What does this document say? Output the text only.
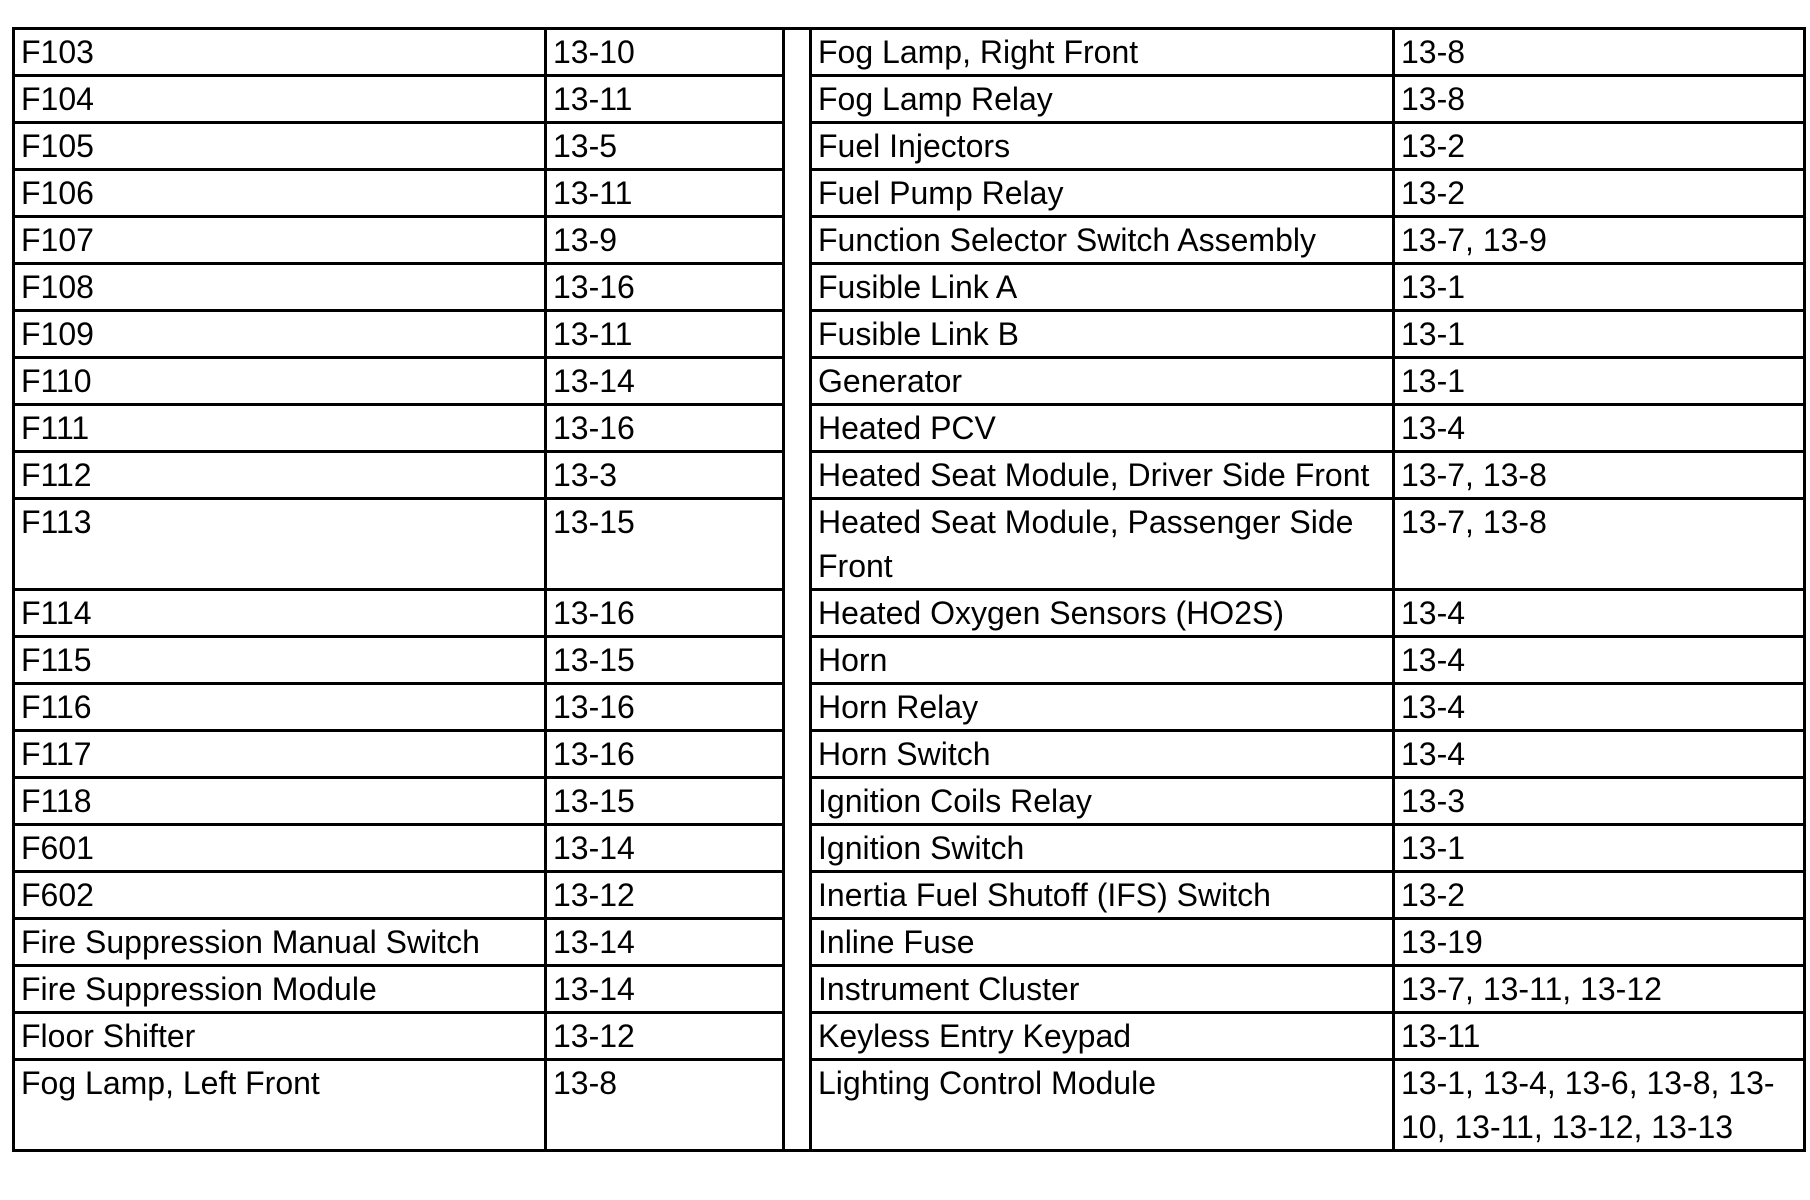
F103	13-10		Fog Lamp, Right Front	13-8
F104	13-11		Fog Lamp Relay	13-8
F105	13-5		Fuel Injectors	13-2
F106	13-11		Fuel Pump Relay	13-2
F107	13-9		Function Selector Switch Assembly	13-7, 13-9
F108	13-16		Fusible Link A	13-1
F109	13-11		Fusible Link B	13-1
F110	13-14		Generator	13-1
F111	13-16		Heated PCV	13-4
F112	13-3		Heated Seat Module, Driver Side Front	13-7, 13-8
F113	13-15		Heated Seat Module, Passenger Side Front	13-7, 13-8
F114	13-16		Heated Oxygen Sensors (HO2S)	13-4
F115	13-15		Horn	13-4
F116	13-16		Horn Relay	13-4
F117	13-16		Horn Switch	13-4
F118	13-15		Ignition Coils Relay	13-3
F601	13-14		Ignition Switch	13-1
F602	13-12		Inertia Fuel Shutoff (IFS) Switch	13-2
Fire Suppression Manual Switch	13-14		Inline Fuse	13-19
Fire Suppression Module	13-14		Instrument Cluster	13-7, 13-11, 13-12
Floor Shifter	13-12		Keyless Entry Keypad	13-11
Fog Lamp, Left Front	13-8		Lighting Control Module	13-1, 13-4, 13-6, 13-8, 13-10, 13-11, 13-12, 13-13
